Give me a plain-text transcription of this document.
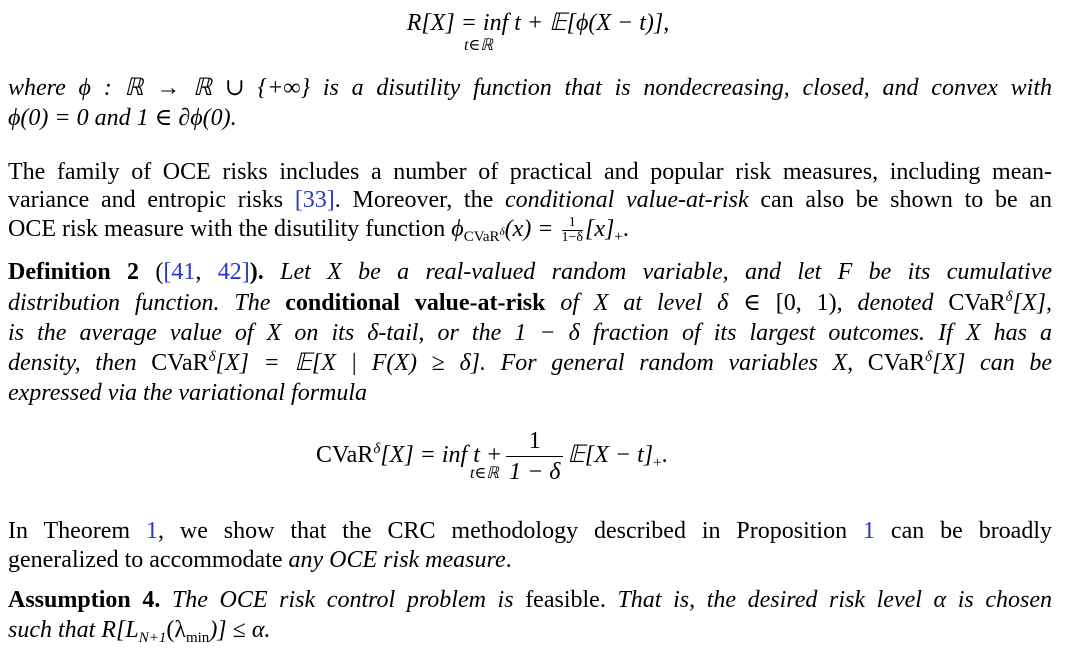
R[X] = inf t + 𝔼[ϕ(X − t)],
t∈ℝ
where ϕ : ℝ → ℝ ∪ {+∞} is a disutility function that is nondecreasing, closed, and convex with
ϕ(0) = 0 and 1 ∈ ∂ϕ(0).
The family of OCE risks includes a number of practical and popular risk measures, including mean-
variance and entropic risks [33]. Moreover, the conditional value-at-risk can also be shown to be an
OCE risk measure with the disutility function $\phi_{CVaR^\delta}(x) = \frac{1}{1-\delta} [x]_+$.
Definition 2 ([41, 42]). Let X be a real-valued random variable, and let F be its cumulative
distribution function. The conditional value-at-risk of X at level δ ∈ [0, 1), denoted CVaR$^\delta$[X],
is the average value of X on its δ-tail, or the 1 − δ fraction of its largest outcomes. If X has a
density, then CVaR$^\delta$[X] = 𝔼[X | F(X) ≥ δ]. For general random variables X, CVaR$^\delta$[X] can be
expressed via the variational formula
CVaR$^\delta$[X] = inf $t + \frac{1}{1 - \delta}$ 𝔼[X − $t]_+$.
t∈ℝ
In Theorem 1, we show that the CRC methodology described in Proposition 1 can be broadly
generalized to accommodate any OCE risk measure.
Assumption 4. The OCE risk control problem is feasible. That is, the desired risk level α is chosen
such that $R[L_{N+1}(\lambda_{min})] \le \alpha$.
